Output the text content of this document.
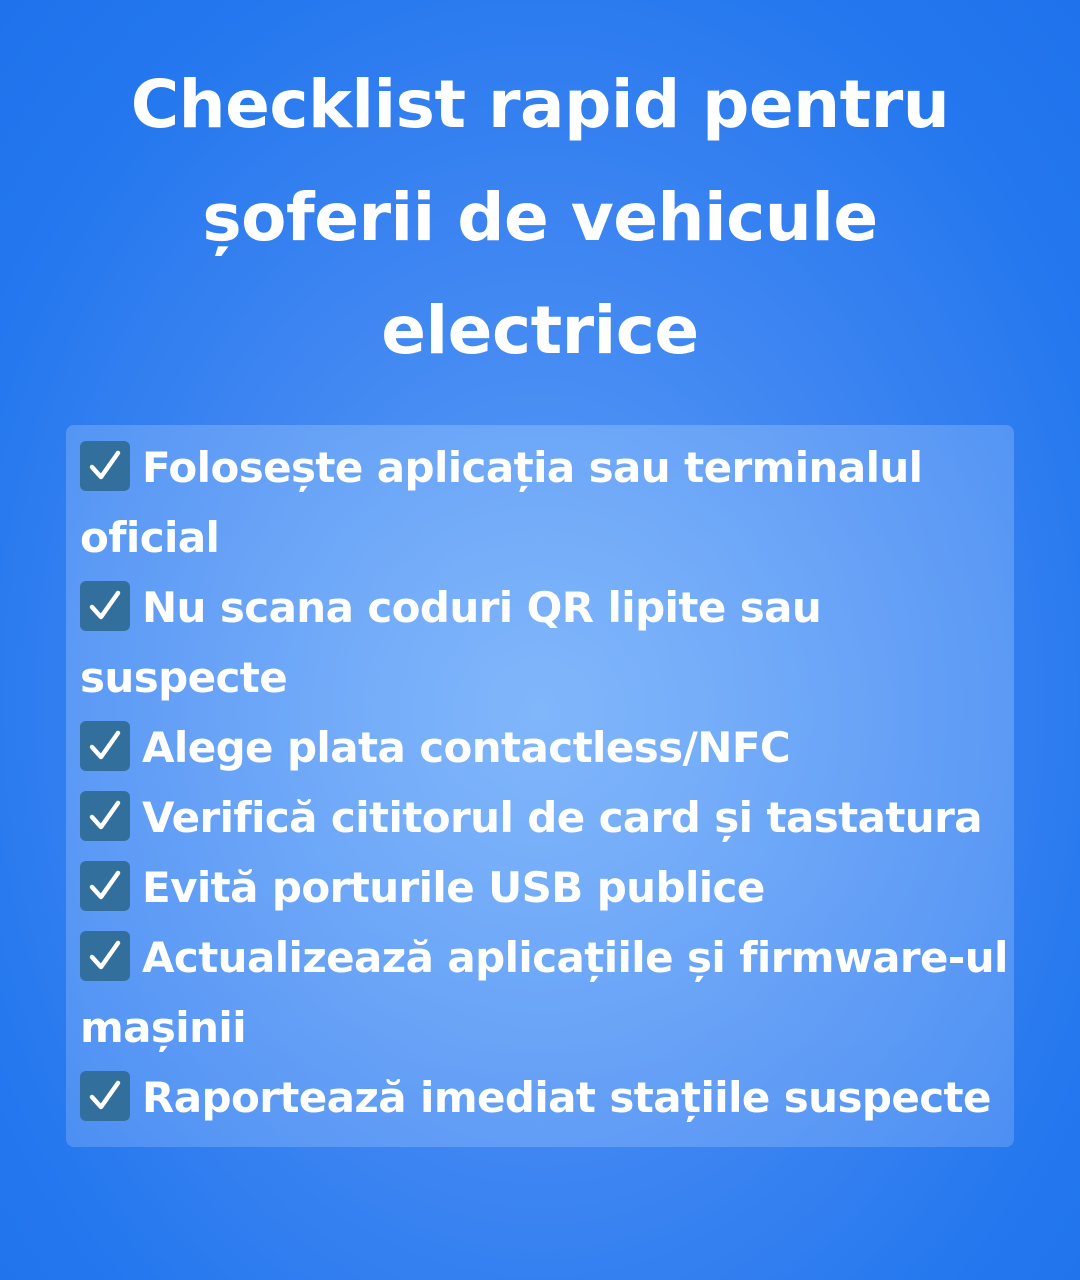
Checklist rapid pentru
șoferii de vehicule
electrice
Folosește aplicația sau terminalul oficial
Nu scana coduri QR lipite sau suspecte
Alege plata contactless/NFC
Verifică cititorul de card și tastatura
Evită porturile USB publice
Actualizează aplicațiile și firmware-ul mașinii
Raportează imediat stațiile suspecte
